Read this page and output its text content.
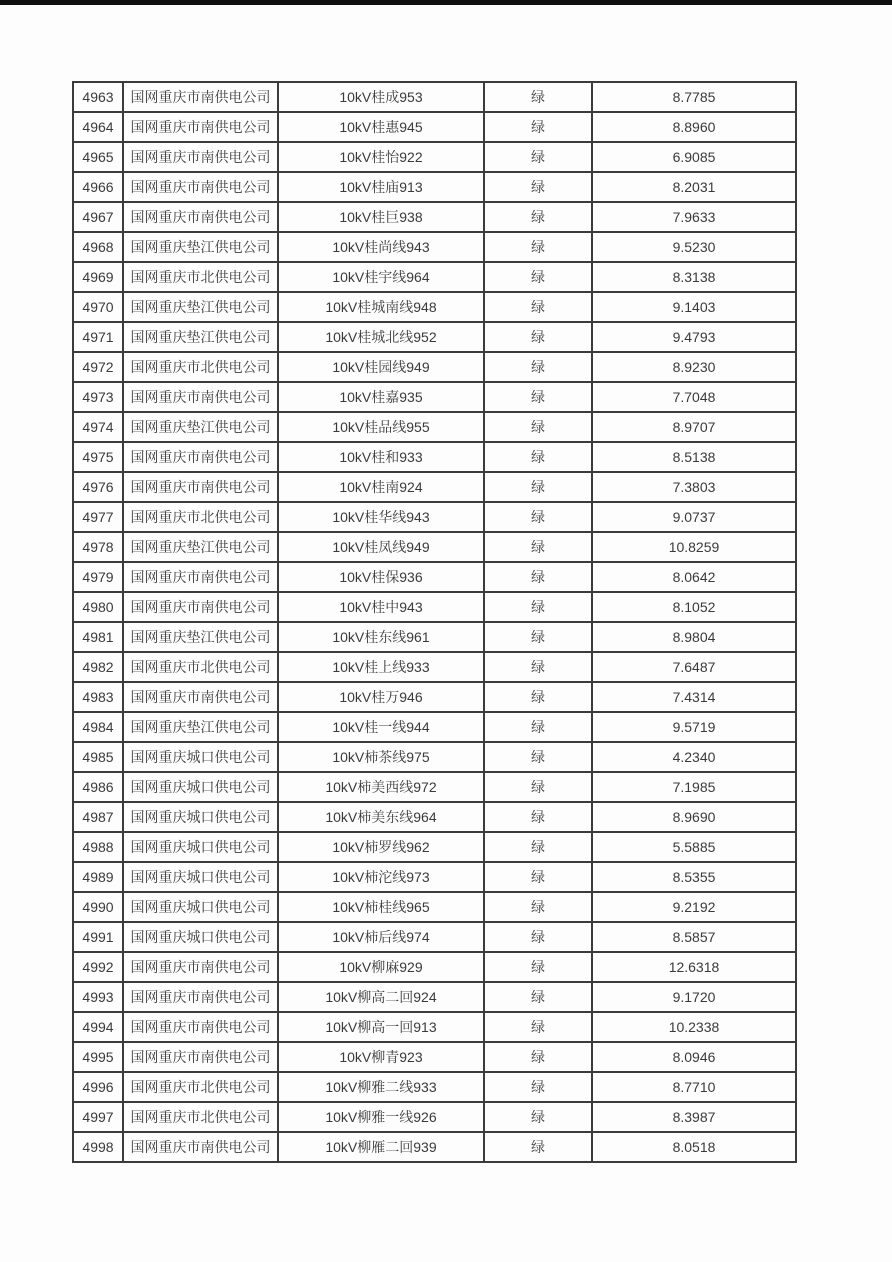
4963	国网重庆市南供电公司	10kV桂成953	绿	8.7785
4964	国网重庆市南供电公司	10kV桂惠945	绿	8.8960
4965	国网重庆市南供电公司	10kV桂怡922	绿	6.9085
4966	国网重庆市南供电公司	10kV桂庙913	绿	8.2031
4967	国网重庆市南供电公司	10kV桂巨938	绿	7.9633
4968	国网重庆垫江供电公司	10kV桂尚线943	绿	9.5230
4969	国网重庆市北供电公司	10kV桂宇线964	绿	8.3138
4970	国网重庆垫江供电公司	10kV桂城南线948	绿	9.1403
4971	国网重庆垫江供电公司	10kV桂城北线952	绿	9.4793
4972	国网重庆市北供电公司	10kV桂园线949	绿	8.9230
4973	国网重庆市南供电公司	10kV桂嘉935	绿	7.7048
4974	国网重庆垫江供电公司	10kV桂品线955	绿	8.9707
4975	国网重庆市南供电公司	10kV桂和933	绿	8.5138
4976	国网重庆市南供电公司	10kV桂南924	绿	7.3803
4977	国网重庆市北供电公司	10kV桂华线943	绿	9.0737
4978	国网重庆垫江供电公司	10kV桂凤线949	绿	10.8259
4979	国网重庆市南供电公司	10kV桂保936	绿	8.0642
4980	国网重庆市南供电公司	10kV桂中943	绿	8.1052
4981	国网重庆垫江供电公司	10kV桂东线961	绿	8.9804
4982	国网重庆市北供电公司	10kV桂上线933	绿	7.6487
4983	国网重庆市南供电公司	10kV桂万946	绿	7.4314
4984	国网重庆垫江供电公司	10kV桂一线944	绿	9.5719
4985	国网重庆城口供电公司	10kV柿茶线975	绿	4.2340
4986	国网重庆城口供电公司	10kV柿美西线972	绿	7.1985
4987	国网重庆城口供电公司	10kV柿美东线964	绿	8.9690
4988	国网重庆城口供电公司	10kV柿罗线962	绿	5.5885
4989	国网重庆城口供电公司	10kV柿沱线973	绿	8.5355
4990	国网重庆城口供电公司	10kV柿桂线965	绿	9.2192
4991	国网重庆城口供电公司	10kV柿后线974	绿	8.5857
4992	国网重庆市南供电公司	10kV柳麻929	绿	12.6318
4993	国网重庆市南供电公司	10kV柳高二回924	绿	9.1720
4994	国网重庆市南供电公司	10kV柳高一回913	绿	10.2338
4995	国网重庆市南供电公司	10kV柳青923	绿	8.0946
4996	国网重庆市北供电公司	10kV柳雅二线933	绿	8.7710
4997	国网重庆市北供电公司	10kV柳雅一线926	绿	8.3987
4998	国网重庆市南供电公司	10kV柳雁二回939	绿	8.0518
